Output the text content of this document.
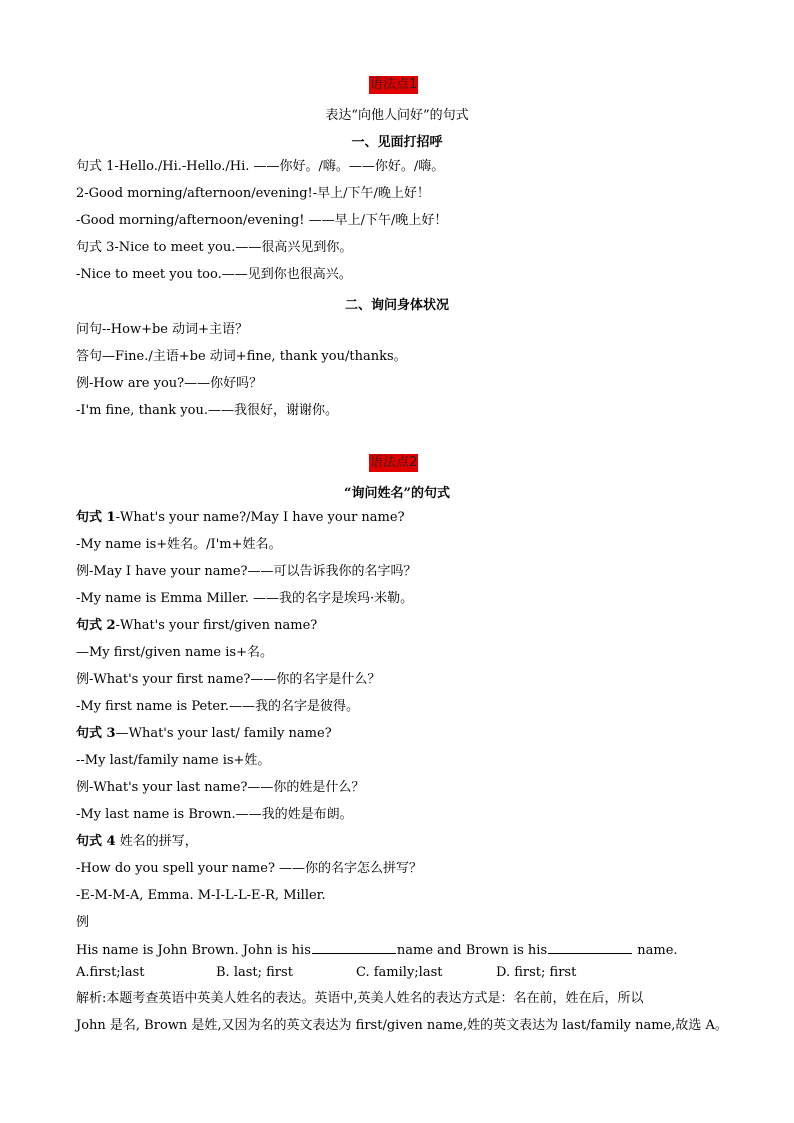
语法点1
表达“向他人问好”的句式
一、见面打招呼
句式 1-Hello./Hi.-Hello./Hi. ——你好。/嗨。——你好。/嗨。
2-Good morning/afternoon/evening!-早上/下午/晚上好！
-Good morning/afternoon/evening! ——早上/下午/晚上好！
句式 3-Nice to meet you.——很高兴见到你。
-Nice to meet you too.——见到你也很高兴。
二、询问身体状况
问句--How+be 动词+主语？
答句—Fine./主语+be 动词+fine, thank you/thanks。
例-How are you?——你好吗？
-I'm fine, thank you.——我很好，谢谢你。
语法点2
“询问姓名”的句式
句式 1-What's your name?/May I have your name?
-My name is+姓名。/I'm+姓名。
例-May I have your name?——可以告诉我你的名字吗？
-My name is Emma Miller. ——我的名字是埃玛·米勒。
句式 2-What's your first/given name?
—My first/given name is+名。
例-What's your first name?——你的名字是什么？
-My first name is Peter.——我的名字是彼得。
句式 3—What's your last/ family name?
--My last/family name is+姓。
例-What's your last name?——你的姓是什么？
-My last name is Brown.——我的姓是布朗。
句式 4 姓名的拼写，
-How do you spell your name? ——你的名字怎么拼写？
-E-M-M-A, Emma. M-I-L-L-E-R, Miller.
例
His name is John Brown. John is his	name and Brown is his	name.
A.first;last	B. last; first	C. family;last	D. first; first
解析:本题考查英语中英美人姓名的表达。英语中,英美人姓名的表达方式是：名在前，姓在后，所以
John 是名, Brown 是姓,又因为名的英文表达为 first/given name,姓的英文表达为 last/family name,故选 A。
